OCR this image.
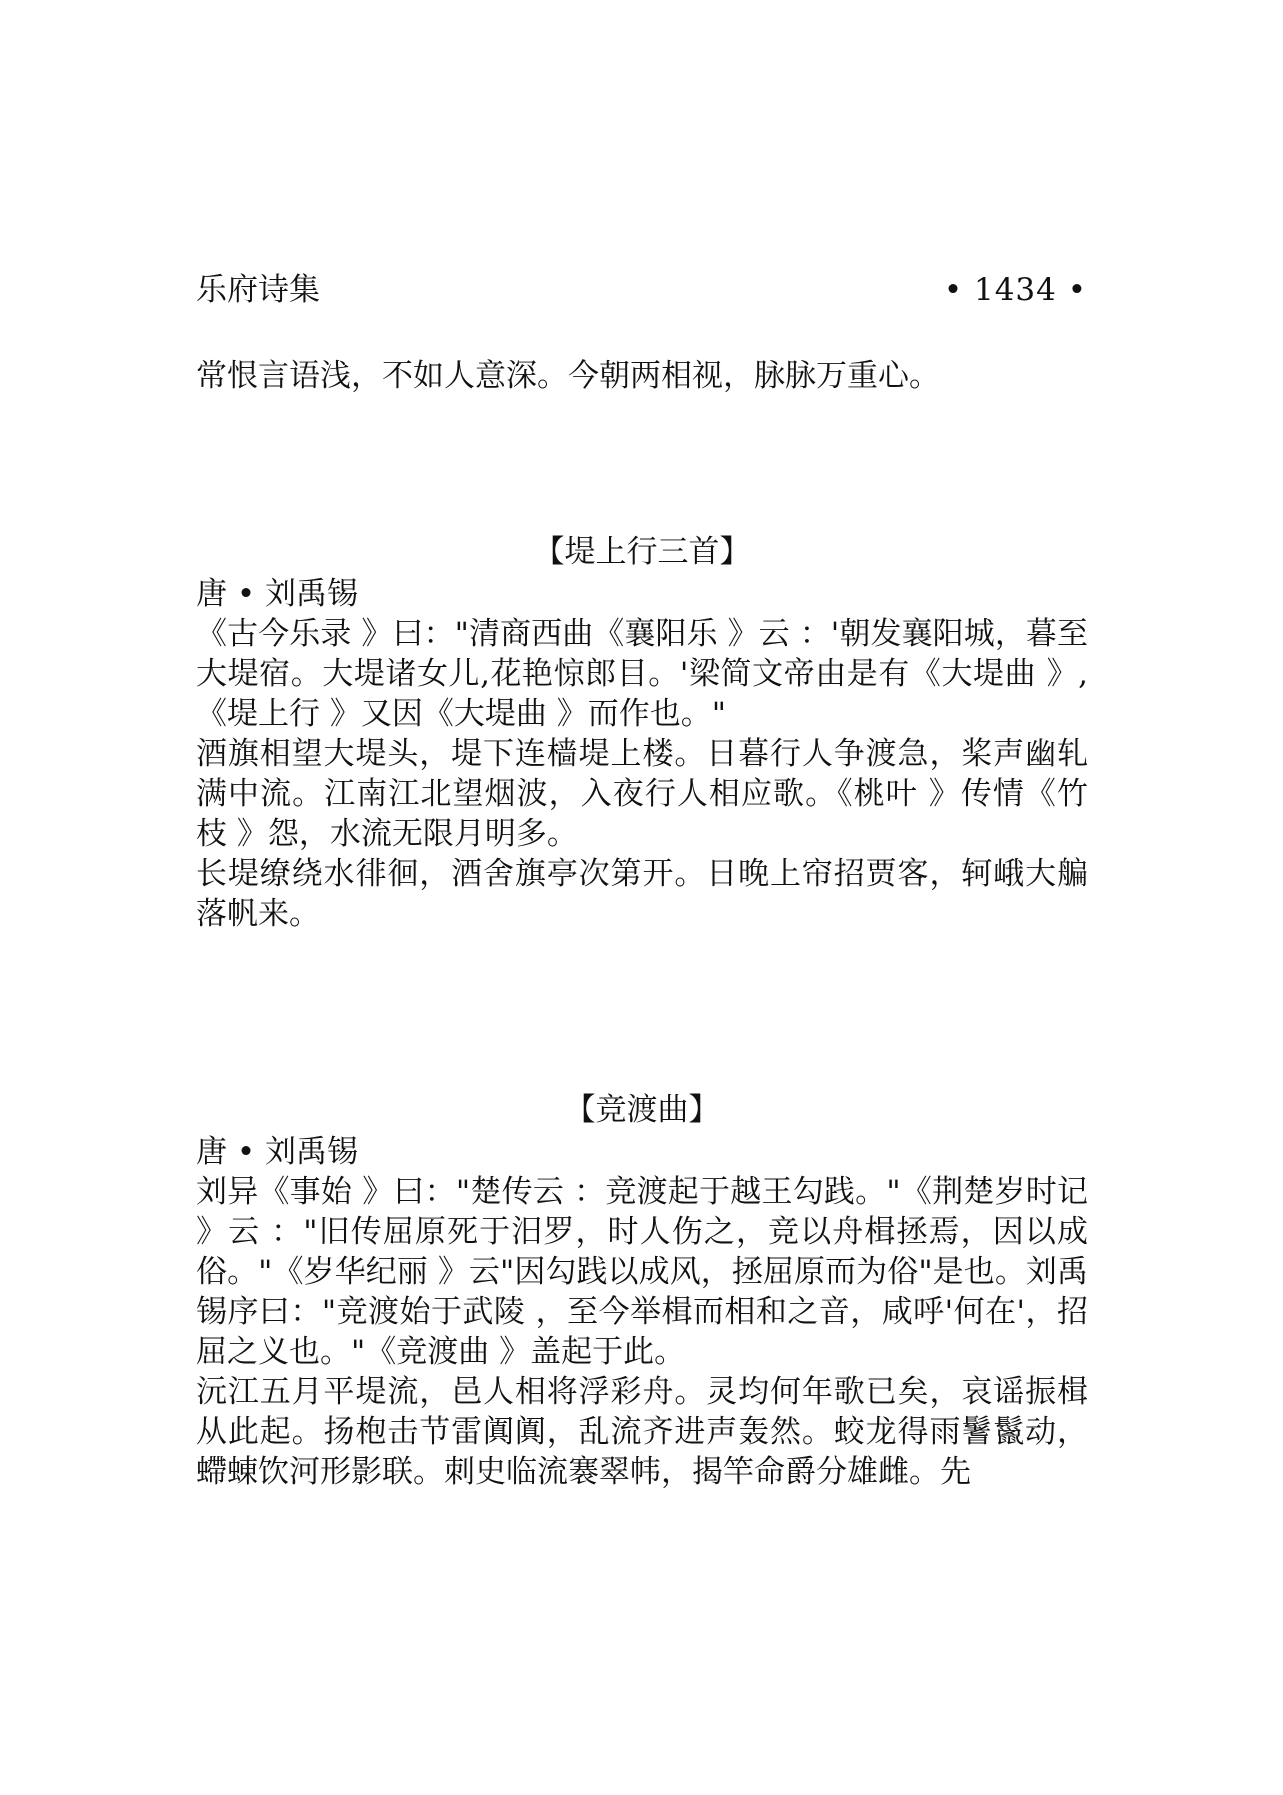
乐府诗集	• 1434 •

常恨言语浅，不如人意深。今朝两相视，脉脉万重心。

【堤上行三首】

唐 • 刘禹锡

《古今乐录 》曰："清商西曲《襄阳乐 》云 ：'朝发襄阳城，暮至大堤宿。大堤诸女儿,花艳惊郎目。'梁简文帝由是有《大堤曲 》,《堤上行 》又因《大堤曲 》而作也。"

酒旗相望大堤头，堤下连樯堤上楼。日暮行人争渡急，桨声幽轧满中流。江南江北望烟波，入夜行人相应歌。《桃叶 》传情《竹枝 》怨，水流无限月明多。

长堤缭绕水徘徊，酒舍旗亭次第开。日晚上帘招贾客，轲峨大艑落帆来。

【竞渡曲】

唐 • 刘禹锡

刘异《事始 》曰："楚传云 ：竞渡起于越王勾践。"《荆楚岁时记 》云 ："旧传屈原死于汨罗，时人伤之，竞以舟楫拯焉，因以成俗。"《岁华纪丽 》云"因勾践以成风，拯屈原而为俗"是也。刘禹锡序曰："竞渡始于武陵 ，至今举楫而相和之音，咸呼'何在'，招屈之义也。"《竞渡曲 》盖起于此。

沅江五月平堤流，邑人相将浮彩舟。灵均何年歌已矣，哀谣振楫从此起。扬枹击节雷阗阗，乱流齐进声轰然。蛟龙得雨鬐鬣动，螮蝀饮河形影联。刺史临流褰翠帏，揭竿命爵分雄雌。先
